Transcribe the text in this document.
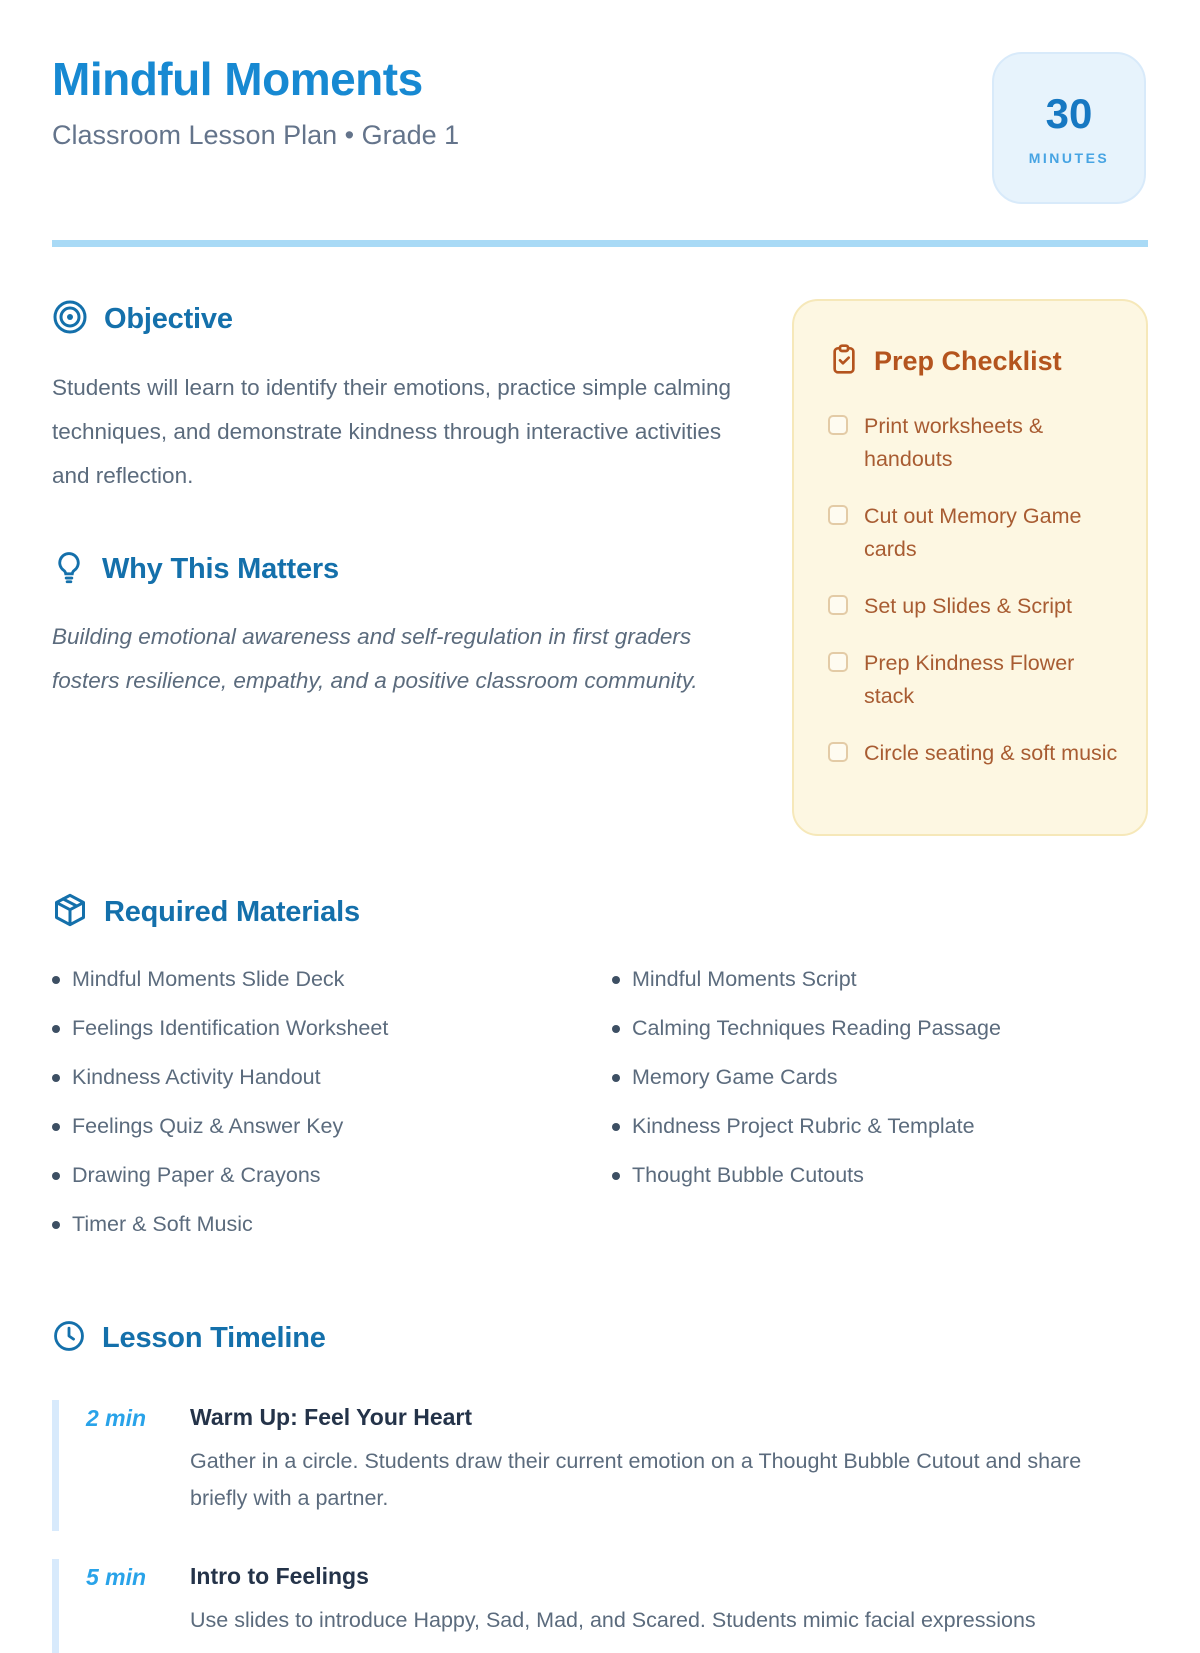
Mindful Moments
Classroom Lesson Plan • Grade 1	30
MINUTES
Objective

Students will learn to identify their emotions, practice simple calming techniques, and demonstrate kindness through interactive activities and reflection.

Why This Matters

Building emotional awareness and self-regulation in first graders fosters resilience, empathy, and a positive classroom community.

Prep Checklist
Print worksheets & handouts
Cut out Memory Game cards
Set up Slides & Script
Prep Kindness Flower stack
Circle seating & soft music
Required Materials
Mindful Moments Slide Deck
Feelings Identification Worksheet
Kindness Activity Handout
Feelings Quiz & Answer Key
Drawing Paper & Crayons
Timer & Soft Music
Mindful Moments Script
Calming Techniques Reading Passage
Memory Game Cards
Kindness Project Rubric & Template
Thought Bubble Cutouts
Lesson Timeline
2 min	Warm Up: Feel Your Heart
Gather in a circle. Students draw their current emotion on a Thought Bubble Cutout and share briefly with a partner.
5 min	Intro to Feelings
Use slides to introduce Happy, Sad, Mad, and Scared. Students mimic facial expressions
